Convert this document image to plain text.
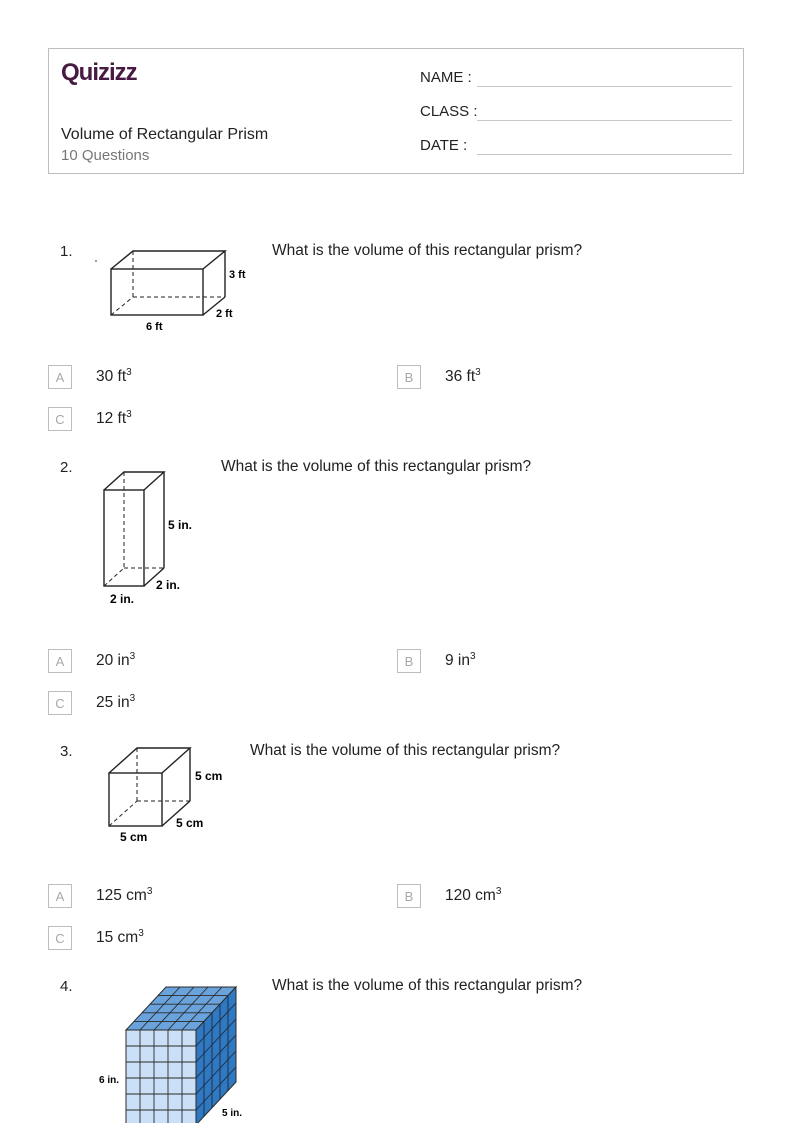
Quizizz
Volume of Rectangular Prism
10 Questions
NAME :
CLASS :
DATE :
1.
3 ft
2 ft
6 ft
What is the volume of this rectangular prism?
A	30 $ft^3$	B	36 $ft^3$
C	12 $ft^3$
2.
5 in.
2 in.
2 in.
What is the volume of this rectangular prism?
A	20 $in^3$	B	9 $in^3$
C	25 $in^3$
3.
5 cm
5 cm
5 cm
What is the volume of this rectangular prism?
A	125 $cm^3$	B	120 $cm^3$
C	15 $cm^3$
4.
6 in.
5 in.
What is the volume of this rectangular prism?
